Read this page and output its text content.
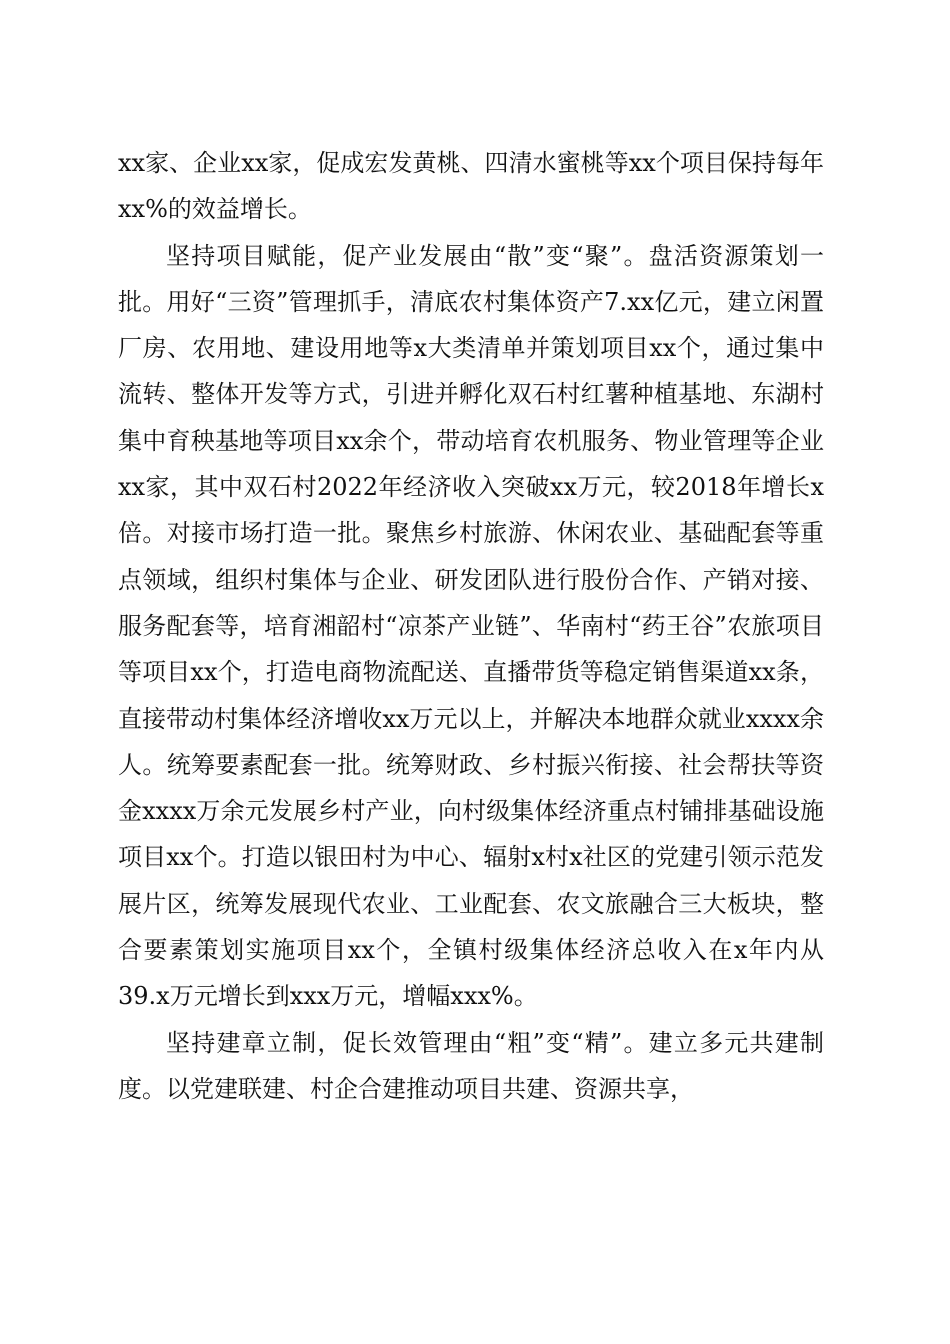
xx家、企业xx家，促成宏发黄桃、四清水蜜桃等xx个项目保持每年xx%的效益增长。

坚持项目赋能，促产业发展由“散”变“聚”。盘活资源策划一批。用好“三资”管理抓手，清底农村集体资产7.xx亿元，建立闲置厂房、农用地、建设用地等x大类清单并策划项目xx个，通过集中流转、整体开发等方式，引进并孵化双石村红薯种植基地、东湖村集中育秧基地等项目xx余个，带动培育农机服务、物业管理等企业xx家，其中双石村2022年经济收入突破xx万元，较2018年增长x倍。对接市场打造一批。聚焦乡村旅游、休闲农业、基础配套等重点领域，组织村集体与企业、研发团队进行股份合作、产销对接、服务配套等，培育湘韶村“凉茶产业链”、华南村“药王谷”农旅项目等项目xx个，打造电商物流配送、直播带货等稳定销售渠道xx条，直接带动村集体经济增收xx万元以上，并解决本地群众就业xxxx余人。统筹要素配套一批。统筹财政、乡村振兴衔接、社会帮扶等资金xxxx万余元发展乡村产业，向村级集体经济重点村铺排基础设施项目xx个。打造以银田村为中心、辐射x村x社区的党建引领示范发展片区，统筹发展现代农业、工业配套、农文旅融合三大板块，整合要素策划实施项目xx个，全镇村级集体经济总收入在x年内从39.x万元增长到xxx万元，增幅xxx%。

坚持建章立制，促长效管理由“粗”变“精”。建立多元共建制度。以党建联建、村企合建推动项目共建、资源共享，
